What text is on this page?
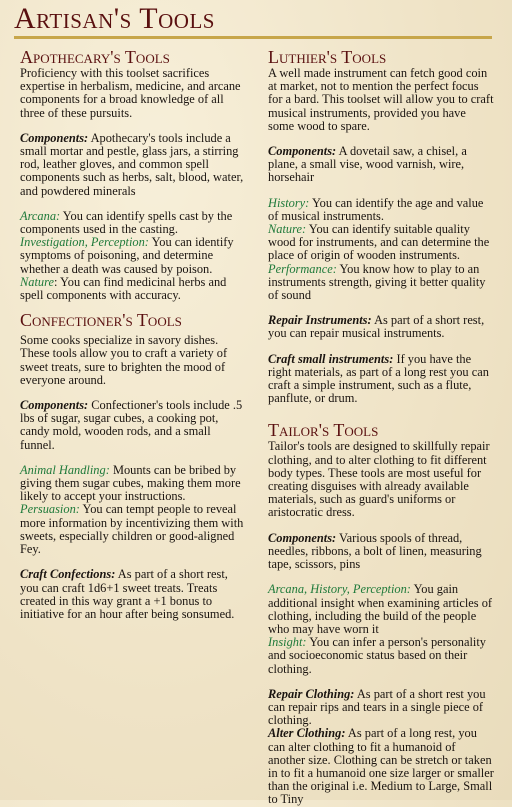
Artisan's Tools
Apothecary's Tools

Proficiency with this toolset sacrifices expertise in herbalism, medicine, and arcane components for a broad knowledge of all three of these pursuits.

Components: Apothecary's tools include a small mortar and pestle, glass jars, a stirring rod, leather gloves, and common spell components such as herbs, salt, blood, water, and powdered minerals

Arcana: You can identify spells cast by the components used in the casting.
Investigation, Perception: You can identify symptoms of poisoning, and determine whether a death was caused by poison.
Nature: You can find medicinal herbs and spell components with accuracy.

Confectioner's Tools

Some cooks specialize in savory dishes. These tools allow you to craft a variety of sweet treats, sure to brighten the mood of everyone around.

Components: Confectioner's tools include .5 lbs of sugar, sugar cubes, a cooking pot, candy mold, wooden rods, and a small funnel.

Animal Handling: Mounts can be bribed by giving them sugar cubes, making them more likely to accept your instructions.
Persuasion: You can tempt people to reveal more information by incentivizing them with sweets, especially children or good-aligned Fey.

Craft Confections: As part of a short rest, you can craft 1d6+1 sweet treats. Treats created in this way grant a +1 bonus to initiative for an hour after being sonsumed.

Luthier's Tools

A well made instrument can fetch good coin at market, not to mention the perfect focus for a bard. This toolset will allow you to craft musical instruments, provided you have some wood to spare.

Components: A dovetail saw, a chisel, a plane, a small vise, wood varnish, wire, horsehair

History: You can identify the age and value of musical instruments.
Nature: You can identify suitable quality wood for instruments, and can determine the place of origin of wooden instruments.
Performance: You know how to play to an instruments strength, giving it better quality of sound

Repair Instruments: As part of a short rest, you can repair musical instruments.

Craft small instruments: If you have the right materials, as part of a long rest you can craft a simple instrument, such as a flute, panflute, or drum.

Tailor's Tools

Tailor's tools are designed to skillfully repair clothing, and to alter clothing to fit different body types. These tools are most useful for creating disguises with already available materials, such as guard's uniforms or aristocratic dress.

Components: Various spools of thread, needles, ribbons, a bolt of linen, measuring tape, scissors, pins

Arcana, History, Perception: You gain additional insight when examining articles of clothing, including the build of the people who may have worn it
Insight: You can infer a person's personality and socioeconomic status based on their clothing.

Repair Clothing: As part of a short rest you can repair rips and tears in a single piece of clothing.
Alter Clothing: As part of a long rest, you can alter clothing to fit a humanoid of another size. Clothing can be stretch or taken in to fit a humanoid one size larger or smaller than the original i.e. Medium to Large, Small to Tiny
